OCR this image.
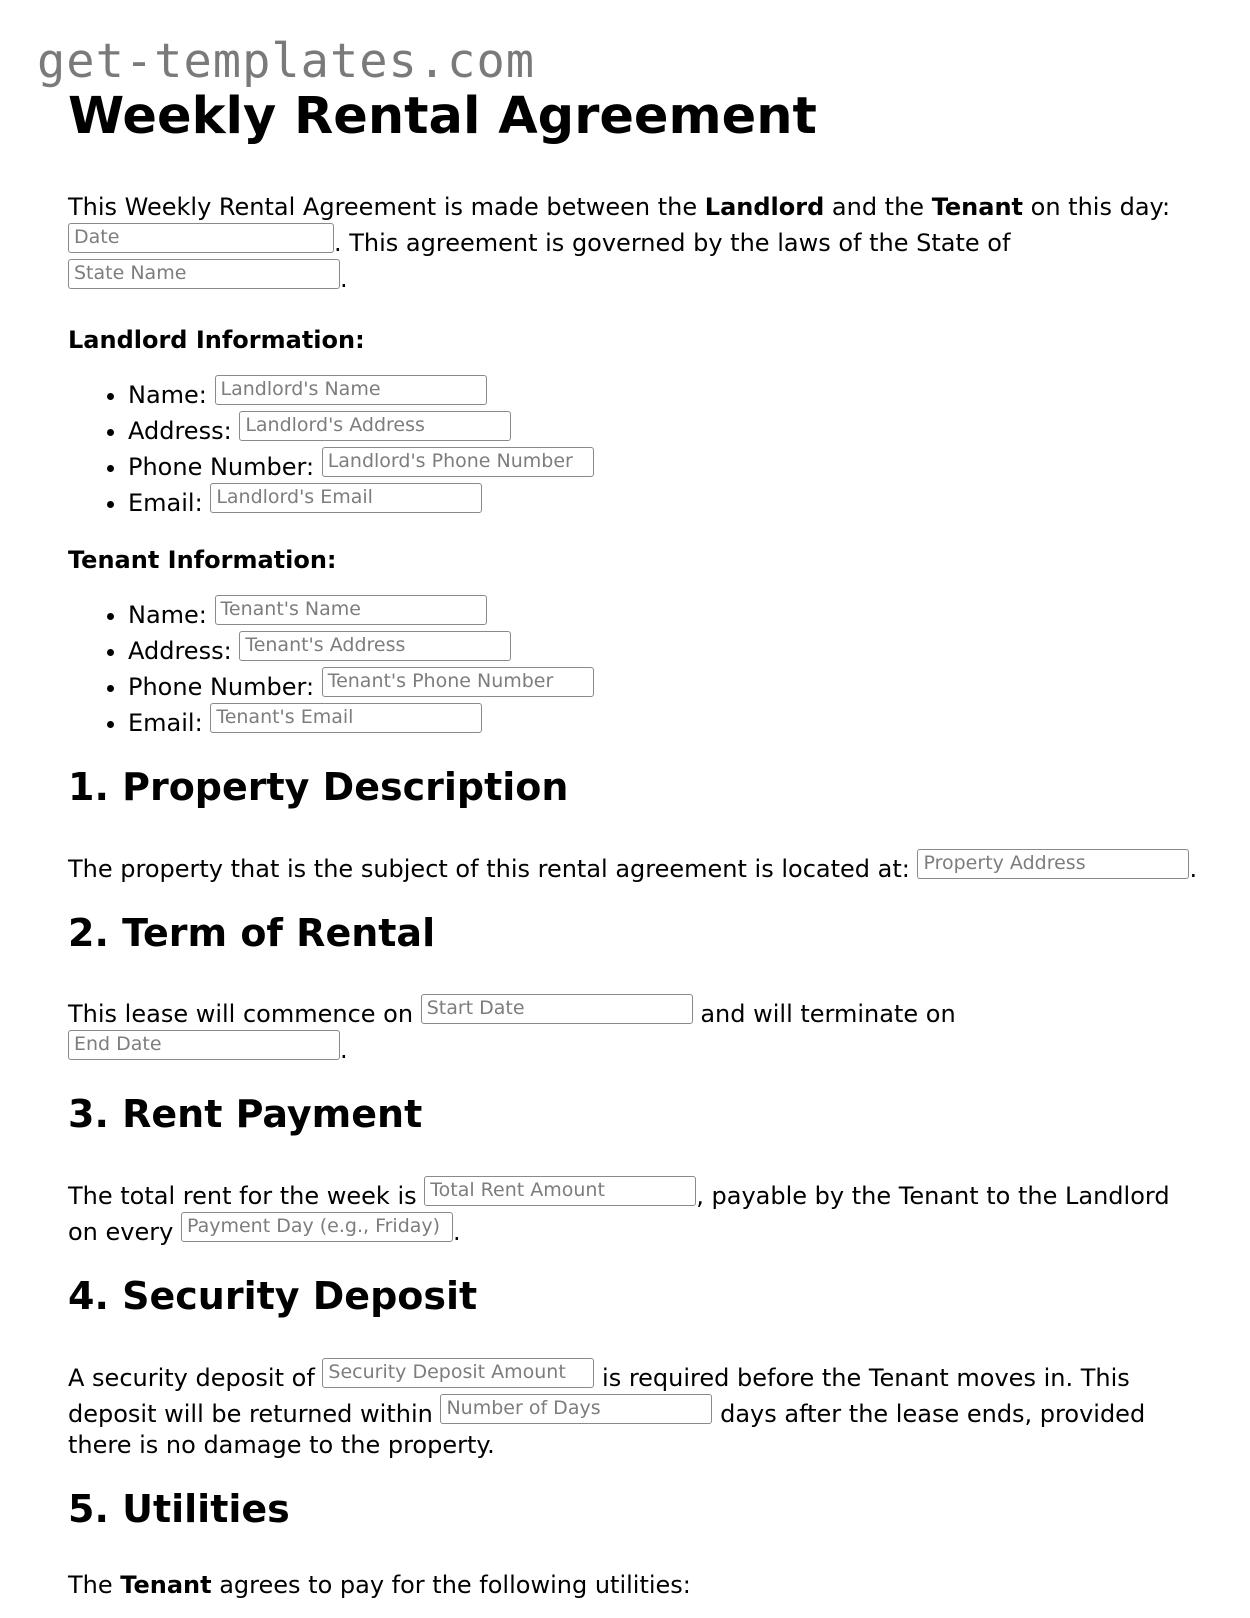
get-templates.com
Weekly Rental Agreement

This Weekly Rental Agreement is made between the Landlord and the Tenant on this day: Date	. This agreement is governed by the laws of the State of State Name	.

Landlord Information:
• Name: Landlord's Name
• Address: Landlord's Address
• Phone Number: Landlord's Phone Number
• Email: Landlord's Email
Tenant Information:
• Name: Tenant's Name
• Address: Tenant's Address
• Phone Number: Tenant's Phone Number
• Email: Tenant's Email
1. Property Description

The property that is the subject of this rental agreement is located at: Property Address	.

2. Term of Rental

This lease will commence on Start Date	and will terminate on End Date	.

3. Rent Payment

The total rent for the week is Total Rent Amount	, payable by the Tenant to the Landlord on every Payment Day (e.g., Friday) .

4. Security Deposit

A security deposit of Security Deposit Amount is required before the Tenant moves in. This deposit will be returned within Number of Days	days after the lease ends, provided there is no damage to the property.

5. Utilities

The Tenant agrees to pay for the following utilities:
